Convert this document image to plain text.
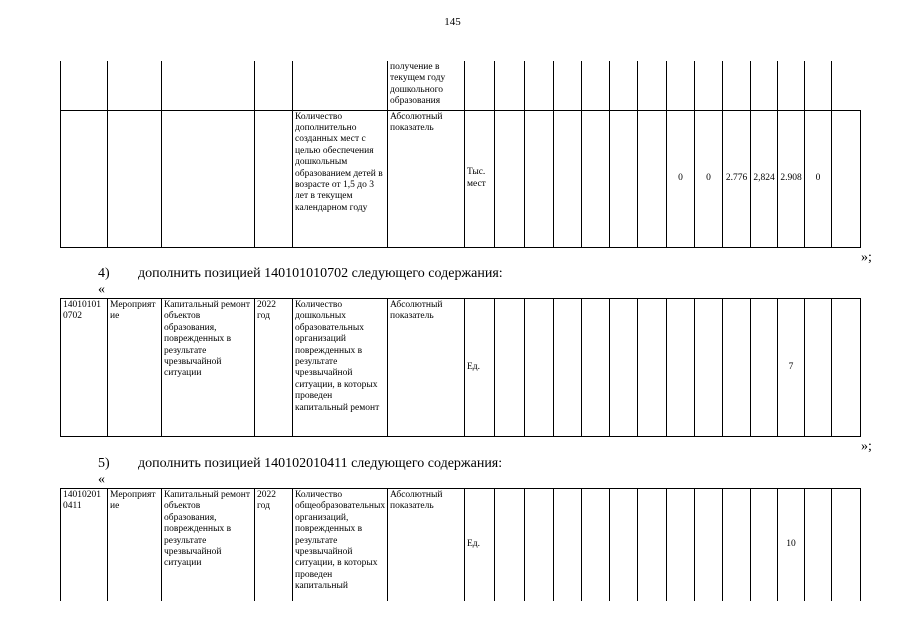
145
					получение в текущем году дошкольного образования														
				Количество дополнительно созданных мест с целью обеспечения дошкольным образованием детей в возрасте от 1,5 до 3 лет в текущем календарном году	Абсолютный показатель	Тыс. мест							0	0	2.776	2,824	2.908	0	
»;
4) дополнить позицией 140101010702 следующего содержания:
«
140101010702	Мероприятие	Капитальный ремонт объектов образования, поврежденных в результате чрезвычайной ситуации	2022 год	Количество дошкольных образовательных организаций поврежденных в результате чрезвычайной ситуации, в которых проведен капитальный ремонт	Абсолютный показатель	Ед.											7		
»;
5) дополнить позицией 140102010411 следующего содержания:
«
140102010411	Мероприятие	Капитальный ремонт объектов образования, поврежденных в результате чрезвычайной ситуации	2022 год	Количество общеобразовательных организаций, поврежденных в результате чрезвычайной ситуации, в которых проведен капитальный	Абсолютный показатель	Ед.											10		
